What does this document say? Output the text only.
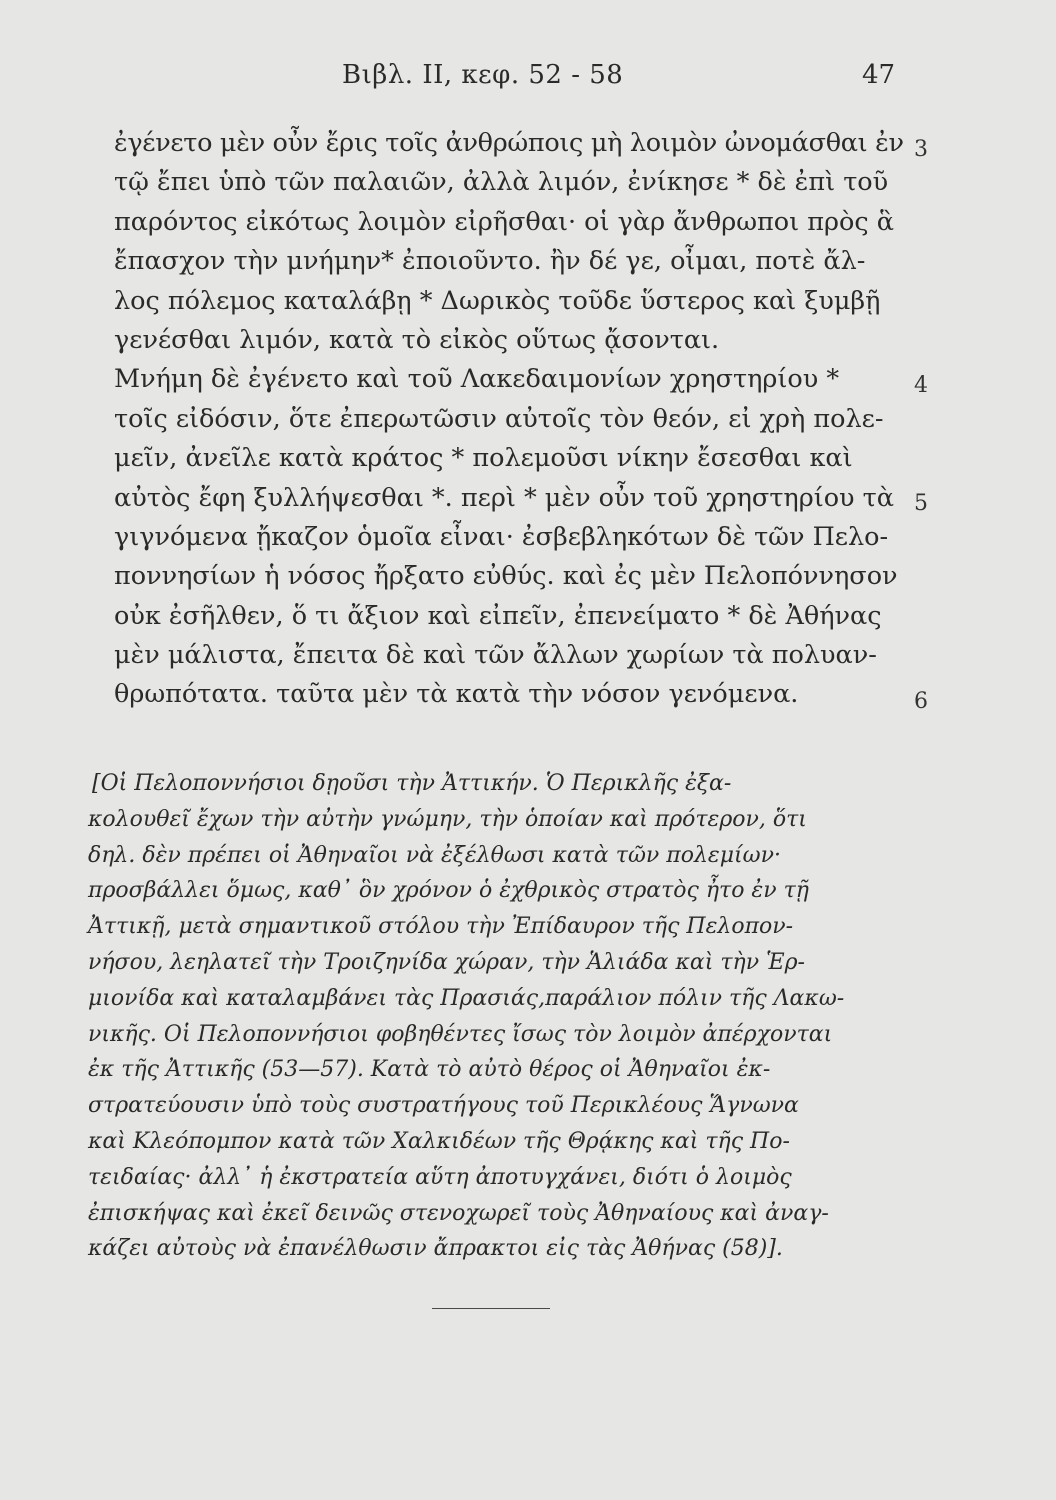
Βιβλ. ΙΙ, κεφ. 52 - 58	47
ἐγένετο μὲν οὖν ἔρις τοῖς ἀνθρώποις μὴ λοιμὸν ὠνομάσθαι ἐν
τῷ ἔπει ὑπὸ τῶν παλαιῶν, ἀλλὰ λιμόν, ἐνίκησε * δὲ ἐπὶ τοῦ
παρόντος εἰκότως λοιμὸν εἰρῆσθαι· οἱ γὰρ ἄνθρωποι πρὸς ἃ
ἔπασχον τὴν μνήμην* ἐποιοῦντο. ἢν δέ γε, οἶμαι, ποτὲ ἄλ-
λος πόλεμος καταλάβῃ * Δωρικὸς τοῦδε ὕστερος καὶ ξυμβῇ
γενέσθαι λιμόν, κατὰ τὸ εἰκὸς οὕτως ᾄσονται.
Μνήμη δὲ ἐγένετο καὶ τοῦ Λακεδαιμονίων χρηστηρίου *
τοῖς εἰδόσιν, ὅτε ἐπερωτῶσιν αὐτοῖς τὸν θεόν, εἰ χρὴ πολε-
μεῖν, ἀνεῖλε κατὰ κράτος * πολεμοῦσι νίκην ἔσεσθαι καὶ
αὐτὸς ἔφη ξυλλήψεσθαι *. περὶ * μὲν οὖν τοῦ χρηστηρίου τὰ
γιγνόμενα ᾔκαζον ὁμοῖα εἶναι· ἐσβεβληκότων δὲ τῶν Πελο-
ποννησίων ἡ νόσος ἤρξατο εὐθύς. καὶ ἐς μὲν Πελοπόννησον
οὐκ ἐσῆλθεν, ὅ τι ἄξιον καὶ εἰπεῖν, ἐπενείματο * δὲ Ἀθήνας
μὲν μάλιστα, ἔπειτα δὲ καὶ τῶν ἄλλων χωρίων τὰ πολυαν-
θρωπότατα. ταῦτα μὲν τὰ κατὰ τὴν νόσον γενόμενα.
3
4
5
6
[Οἱ Πελοποννήσιοι δῃοῦσι τὴν Ἀττικήν. Ὁ Περικλῆς ἐξα-
κολουθεῖ ἔχων τὴν αὐτὴν γνώμην, τὴν ὁποίαν καὶ πρότερον, ὅτι
δηλ. δὲν πρέπει οἱ Ἀθηναῖοι νὰ ἐξέλθωσι κατὰ τῶν πολεμίων·
προσβάλλει ὅμως, καθ᾿ ὃν χρόνον ὁ ἐχθρικὸς στρατὸς ἦτο ἐν τῇ
Ἀττικῇ, μετὰ σημαντικοῦ στόλου τὴν Ἐπίδαυρον τῆς Πελοπον-
νήσου, λεηλατεῖ τὴν Τροιζηνίδα χώραν, τὴν Ἁλιάδα καὶ τὴν Ἑρ-
μιονίδα καὶ καταλαμβάνει τὰς Πρασιάς,παράλιον πόλιν τῆς Λακω-
νικῆς. Οἱ Πελοποννήσιοι φοβηθέντες ἴσως τὸν λοιμὸν ἀπέρχονται
ἐκ τῆς Ἀττικῆς (53—57). Κατὰ τὸ αὐτὸ θέρος οἱ Ἀθηναῖοι ἐκ-
στρατεύουσιν ὑπὸ τοὺς συστρατήγους τοῦ Περικλέους Ἅγνωνα
καὶ Κλεόπομπον κατὰ τῶν Χαλκιδέων τῆς Θρᾴκης καὶ τῆς Πο-
τειδαίας· ἀλλ᾿ ἡ ἐκστρατεία αὕτη ἀποτυγχάνει, διότι ὁ λοιμὸς
ἐπισκήψας καὶ ἐκεῖ δεινῶς στενοχωρεῖ τοὺς Ἀθηναίους καὶ ἀναγ-
κάζει αὐτοὺς νὰ ἐπανέλθωσιν ἄπρακτοι εἰς τὰς Ἀθήνας (58)].
